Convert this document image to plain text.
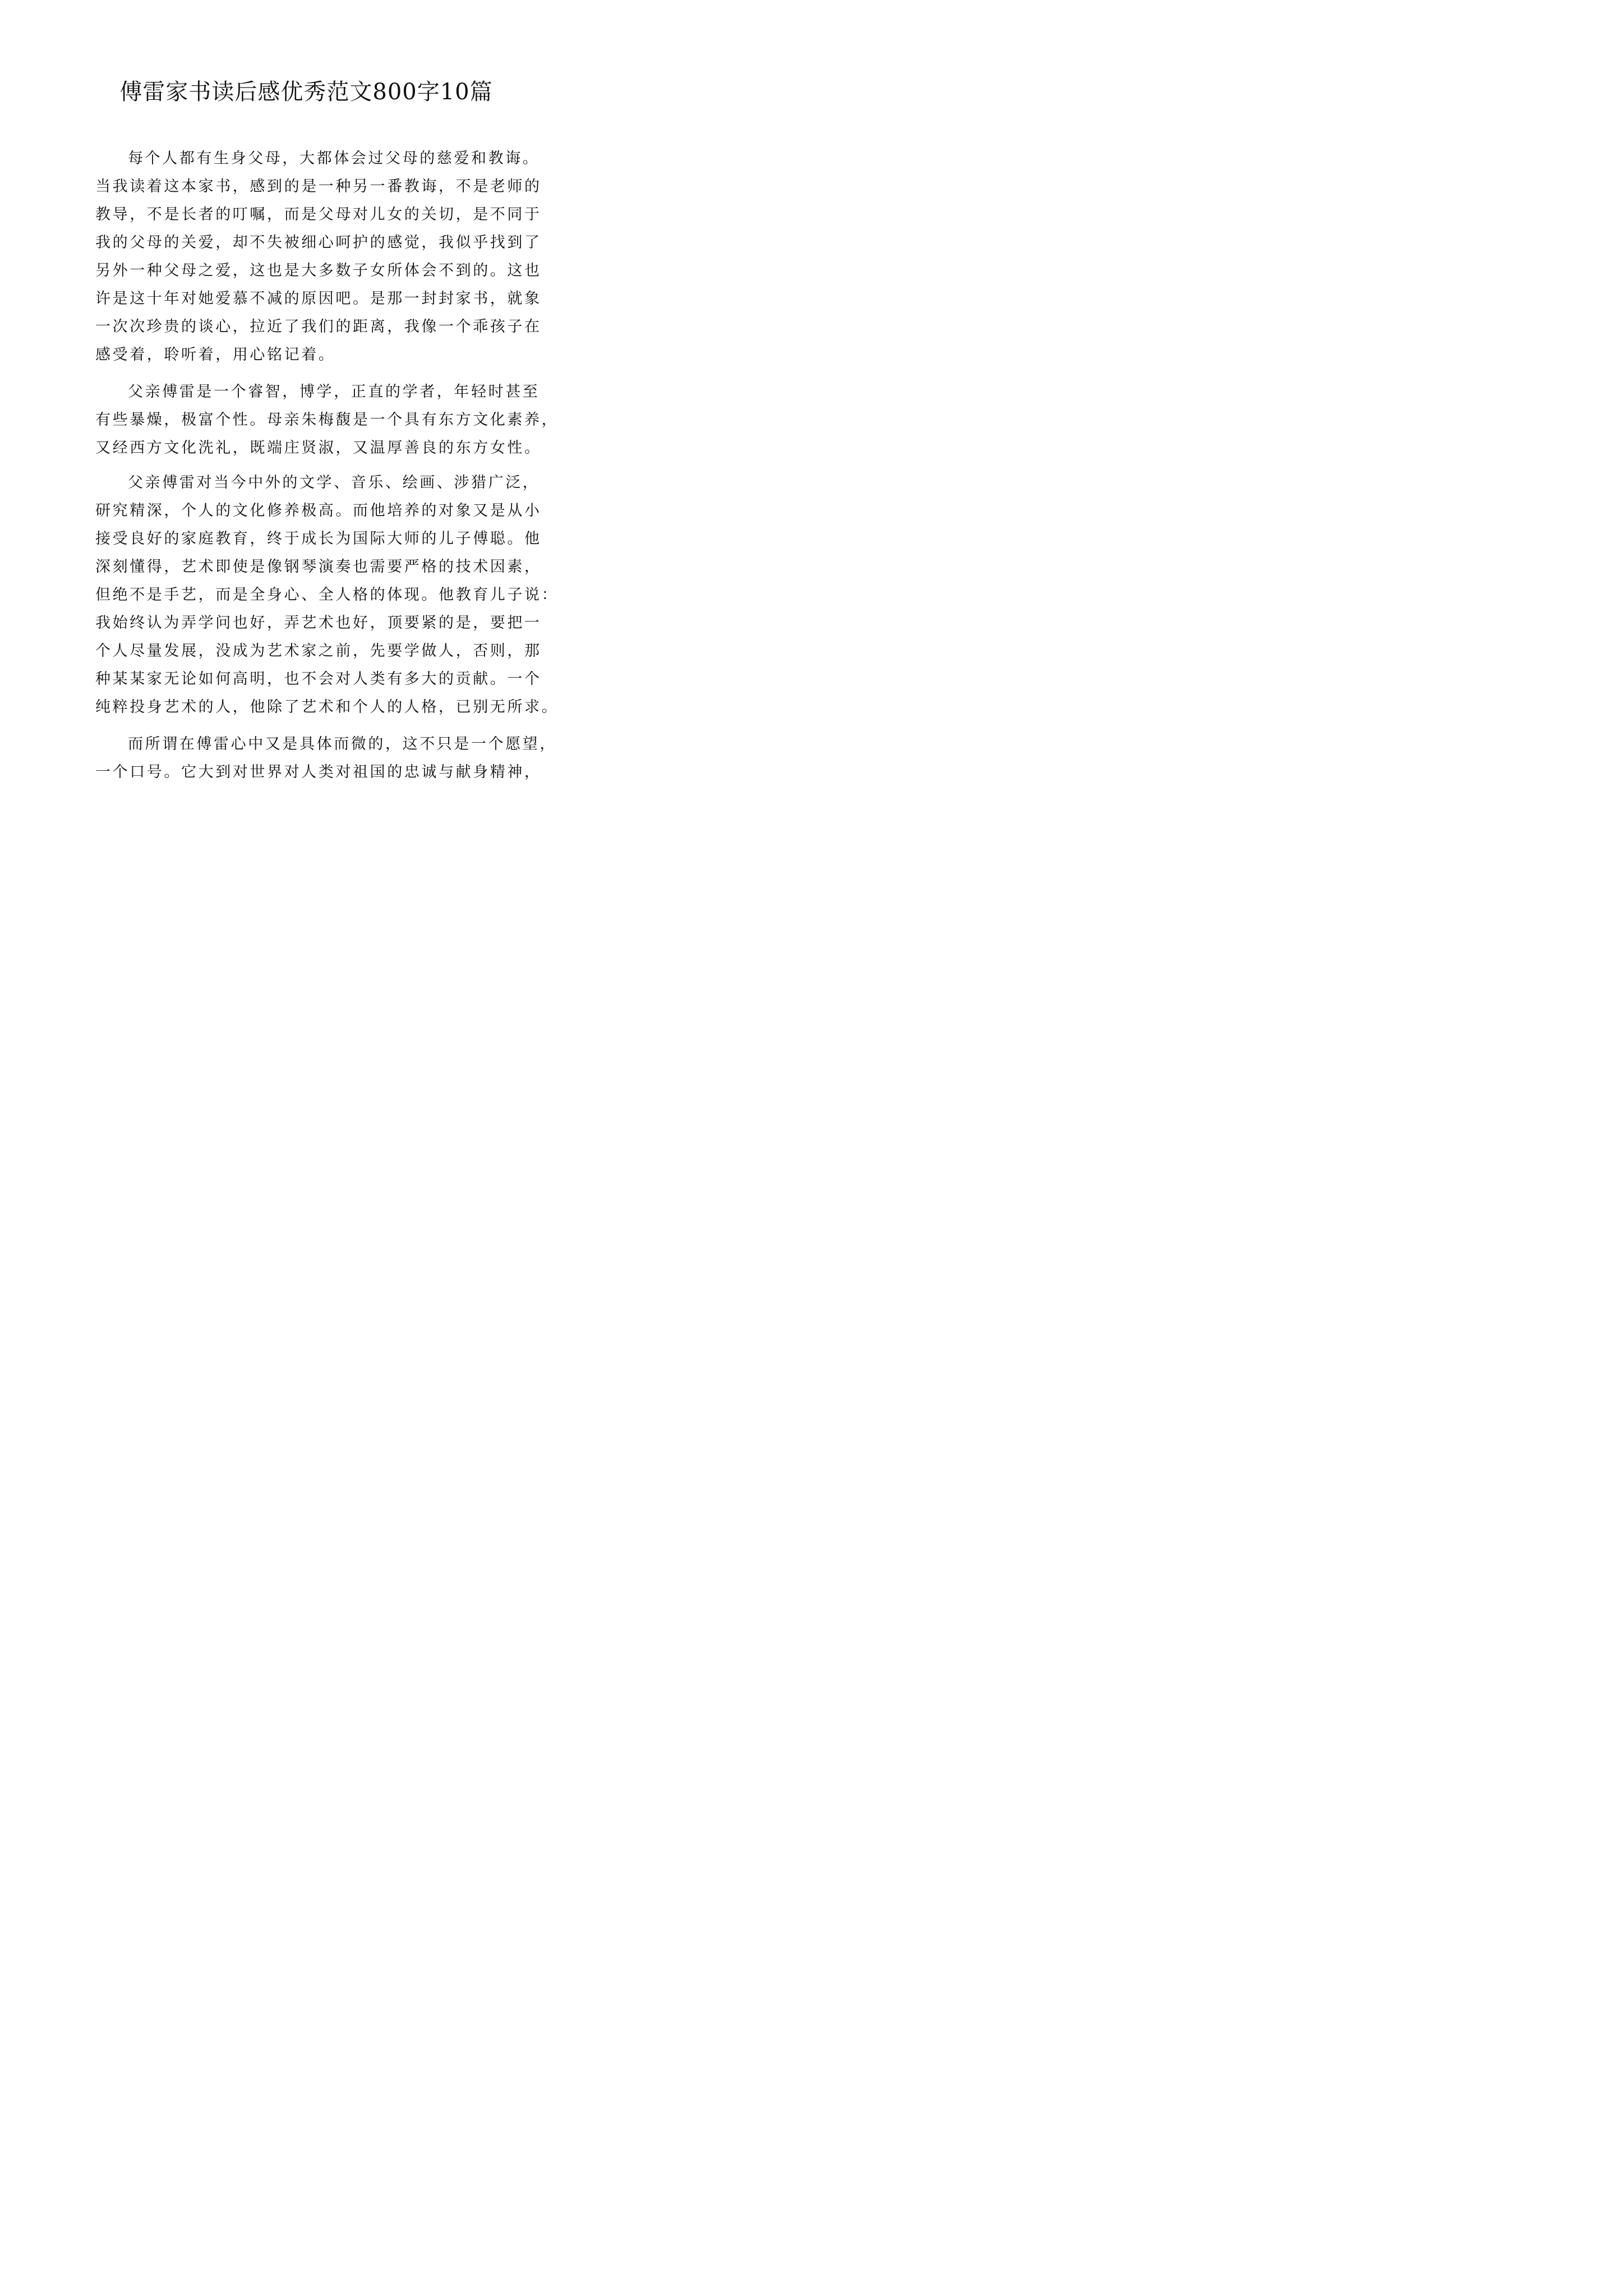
傅雷家书读后感优秀范文800字10篇
每个人都有生身父母，大都体会过父母的慈爱和教诲。
当我读着这本家书，感到的是一种另一番教诲，不是老师的
教导，不是长者的叮嘱，而是父母对儿女的关切，是不同于
我的父母的关爱，却不失被细心呵护的感觉，我似乎找到了
另外一种父母之爱，这也是大多数子女所体会不到的。这也
许是这十年对她爱慕不减的原因吧。是那一封封家书，就象
一次次珍贵的谈心，拉近了我们的距离，我像一个乖孩子在
感受着，聆听着，用心铭记着。
父亲傅雷是一个睿智，博学，正直的学者，年轻时甚至
有些暴燥，极富个性。母亲朱梅馥是一个具有东方文化素养，
又经西方文化洗礼，既端庄贤淑，又温厚善良的东方女性。
父亲傅雷对当今中外的文学、音乐、绘画、涉猎广泛，
研究精深，个人的文化修养极高。而他培养的对象又是从小
接受良好的家庭教育，终于成长为国际大师的儿子傅聪。他
深刻懂得，艺术即使是像钢琴演奏也需要严格的技术因素，
但绝不是手艺，而是全身心、全人格的体现。他教育儿子说：
我始终认为弄学问也好，弄艺术也好，顶要紧的是，要把一
个人尽量发展，没成为艺术家之前，先要学做人，否则，那
种某某家无论如何高明，也不会对人类有多大的贡献。一个
纯粹投身艺术的人，他除了艺术和个人的人格，已别无所求。
而所谓在傅雷心中又是具体而微的，这不只是一个愿望，
一个口号。它大到对世界对人类对祖国的忠诚与献身精神，
